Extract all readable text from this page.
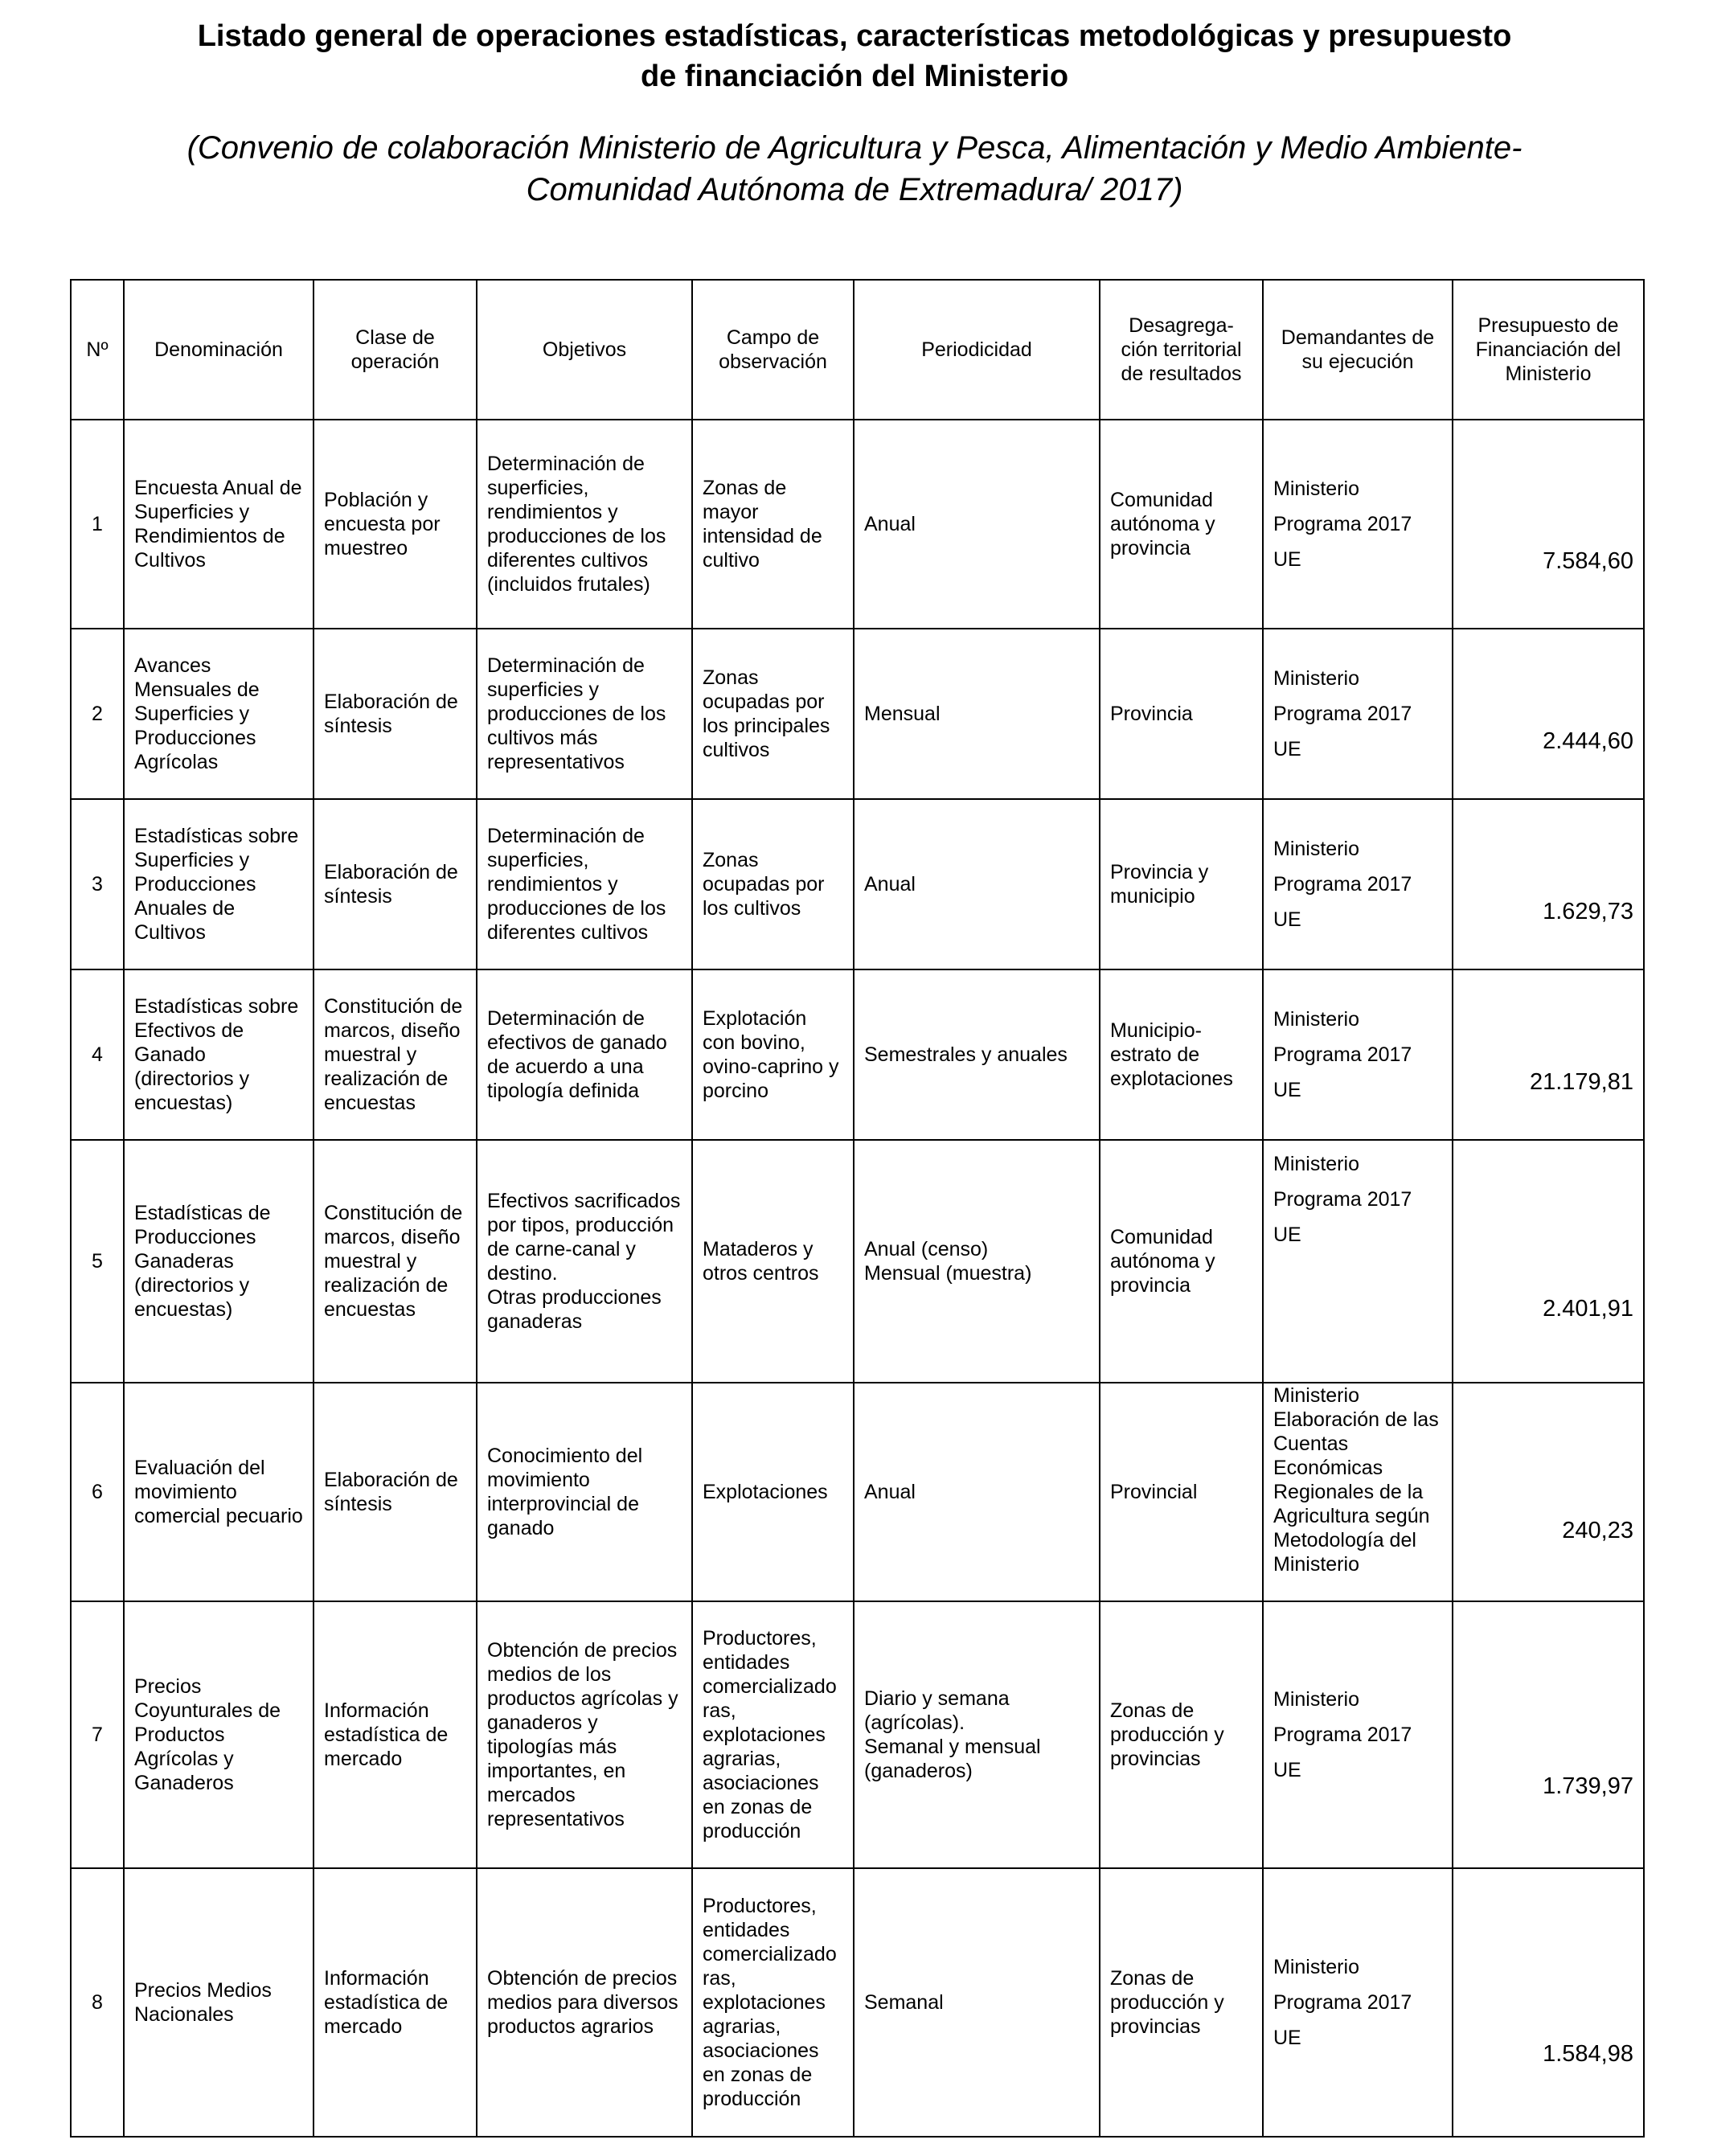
Listado general de operaciones estadísticas, características metodológicas y presupuesto
de financiación del Ministerio
(Convenio de colaboración Ministerio de Agricultura y Pesca, Alimentación y Medio Ambiente-
Comunidad Autónoma de Extremadura/ 2017)
Nº	Denominación	Clase de operación	Objetivos	Campo de observación	Periodicidad	Desagrega-
ción territorial de resultados	Demandantes de su ejecución	Presupuesto de Financiación del Ministerio
1	Encuesta Anual de Superficies y Rendimientos de Cultivos	Población y encuesta por muestreo	Determinación de superficies, rendimientos y producciones de los diferentes cultivos (incluidos frutales)	Zonas de mayor intensidad de cultivo	Anual	Comunidad autónoma y provincia	Ministerio
Programa 2017
UE	7.584,60
2	Avances Mensuales de Superficies y Producciones Agrícolas	Elaboración de síntesis	Determinación de superficies y producciones de los cultivos más representativos	Zonas ocupadas por los principales cultivos	Mensual	Provincia	Ministerio
Programa 2017
UE	2.444,60
3	Estadísticas sobre Superficies y Producciones Anuales de Cultivos	Elaboración de síntesis	Determinación de superficies, rendimientos y producciones de los diferentes cultivos	Zonas ocupadas por los cultivos	Anual	Provincia y municipio	Ministerio
Programa 2017
UE	1.629,73
4	Estadísticas sobre Efectivos de Ganado (directorios y encuestas)	Constitución de marcos, diseño muestral y realización de encuestas	Determinación de efectivos de ganado de acuerdo a una tipología definida	Explotación con bovino, ovino-caprino y porcino	Semestrales y anuales	Municipio-estrato de explotaciones	Ministerio
Programa 2017
UE	21.179,81
5	Estadísticas de Producciones Ganaderas (directorios y encuestas)	Constitución de marcos, diseño muestral y realización de encuestas	Efectivos sacrificados por tipos, producción de carne-canal y destino.
Otras producciones ganaderas	Mataderos y otros centros	Anual (censo)
Mensual (muestra)	Comunidad autónoma y provincia	Ministerio
Programa 2017
UE	2.401,91
6	Evaluación del movimiento comercial pecuario	Elaboración de síntesis	Conocimiento del movimiento interprovincial de ganado	Explotaciones	Anual	Provincial	Ministerio
Elaboración de las Cuentas Económicas Regionales de la Agricultura según Metodología del Ministerio	240,23
7	Precios Coyunturales de Productos Agrícolas y Ganaderos	Información estadística de mercado	Obtención de precios medios de los productos agrícolas y ganaderos y tipologías más importantes, en mercados representativos	Productores, entidades comercializado ras, explotaciones agrarias, asociaciones en zonas de producción	Diario y semana (agrícolas).
Semanal y mensual (ganaderos)	Zonas de producción y provincias	Ministerio
Programa 2017
UE	1.739,97
8	Precios Medios Nacionales	Información estadística de mercado	Obtención de precios medios para diversos productos agrarios	Productores, entidades comercializado ras, explotaciones agrarias, asociaciones en zonas de producción	Semanal	Zonas de producción y provincias	Ministerio
Programa 2017
UE	1.584,98
